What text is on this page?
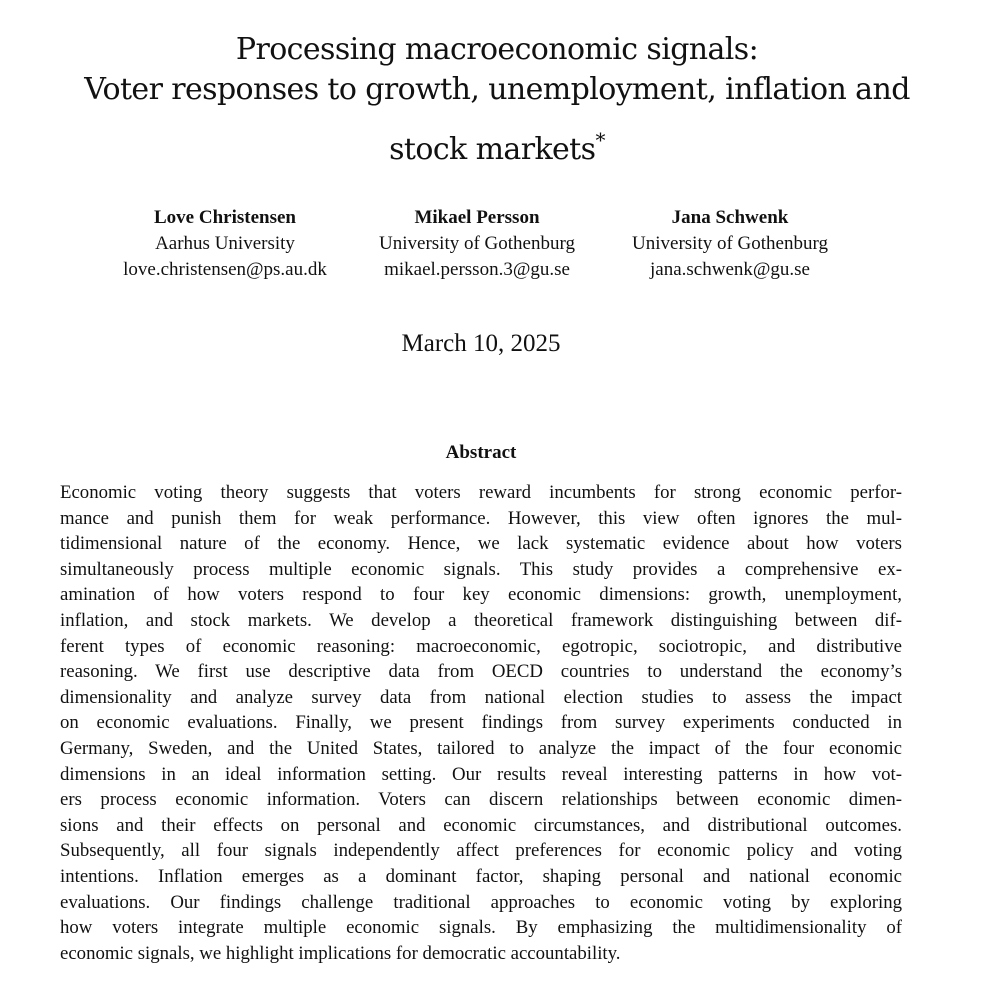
Processing macroeconomic signals:
Voter responses to growth, unemployment, inflation and
stock markets*
Love Christensen
Aarhus University
love.christensen@ps.au.dk
Mikael Persson
University of Gothenburg
mikael.persson.3@gu.se
Jana Schwenk
University of Gothenburg
jana.schwenk@gu.se
March 10, 2025
Abstract
Economic voting theory suggests that voters reward incumbents for strong economic perfor-
mance and punish them for weak performance. However, this view often ignores the mul-
tidimensional nature of the economy. Hence, we lack systematic evidence about how voters
simultaneously process multiple economic signals. This study provides a comprehensive ex-
amination of how voters respond to four key economic dimensions: growth, unemployment,
inflation, and stock markets. We develop a theoretical framework distinguishing between dif-
ferent types of economic reasoning: macroeconomic, egotropic, sociotropic, and distributive
reasoning. We first use descriptive data from OECD countries to understand the economy’s
dimensionality and analyze survey data from national election studies to assess the impact
on economic evaluations. Finally, we present findings from survey experiments conducted in
Germany, Sweden, and the United States, tailored to analyze the impact of the four economic
dimensions in an ideal information setting. Our results reveal interesting patterns in how vot-
ers process economic information. Voters can discern relationships between economic dimen-
sions and their effects on personal and economic circumstances, and distributional outcomes.
Subsequently, all four signals independently affect preferences for economic policy and voting
intentions. Inflation emerges as a dominant factor, shaping personal and national economic
evaluations. Our findings challenge traditional approaches to economic voting by exploring
how voters integrate multiple economic signals. By emphasizing the multidimensionality of
economic signals, we highlight implications for democratic accountability.
